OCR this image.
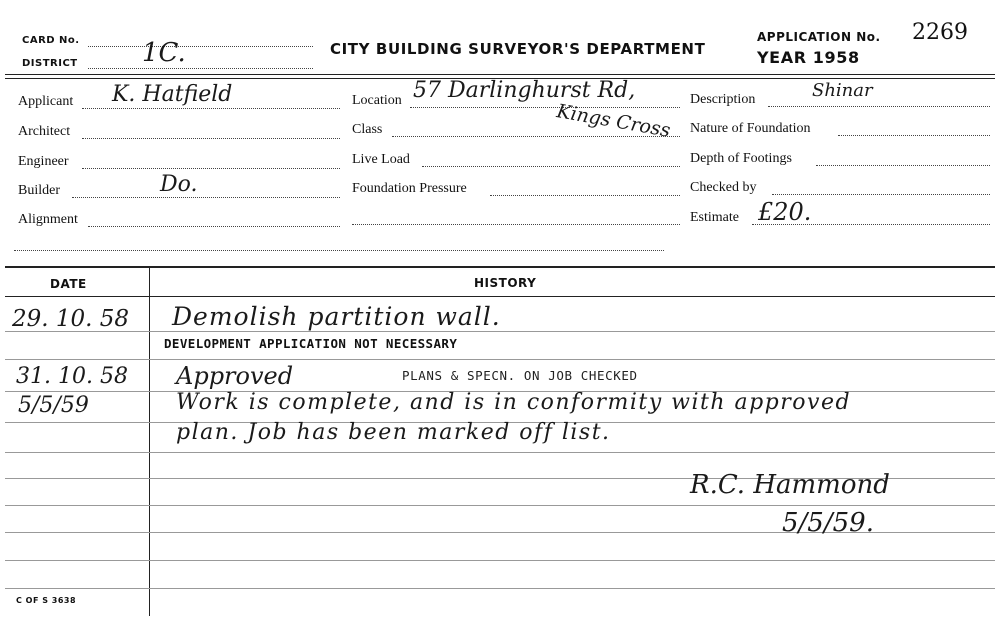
CARD No.
DISTRICT 1C.	CITY BUILDING SURVEYOR'S DEPARTMENT
APPLICATION No. 2269
YEAR 1958
Applicant K. Hatfield
Architect
Engineer
Builder	Do.
Alignment
Location 57 Darlinghurst Rd,
Class	Kings Cross
Live Load
Foundation Pressure
Description	Shinar
Nature of Foundation
Depth of Footings
Checked by
Estimate £20.
DATE	HISTORY
29. 10. 58 Demolish partition wall.
DEVELOPMENT APPLICATION NOT NECESSARY
31. 10. 58 Approved	PLANS & SPECN. ON JOB CHECKED
5/5/59	Work is complete, and is in conformity with approved
plan. Job has been marked off list.
R.C. Hammond
5/5/59.
C OF S 3638
